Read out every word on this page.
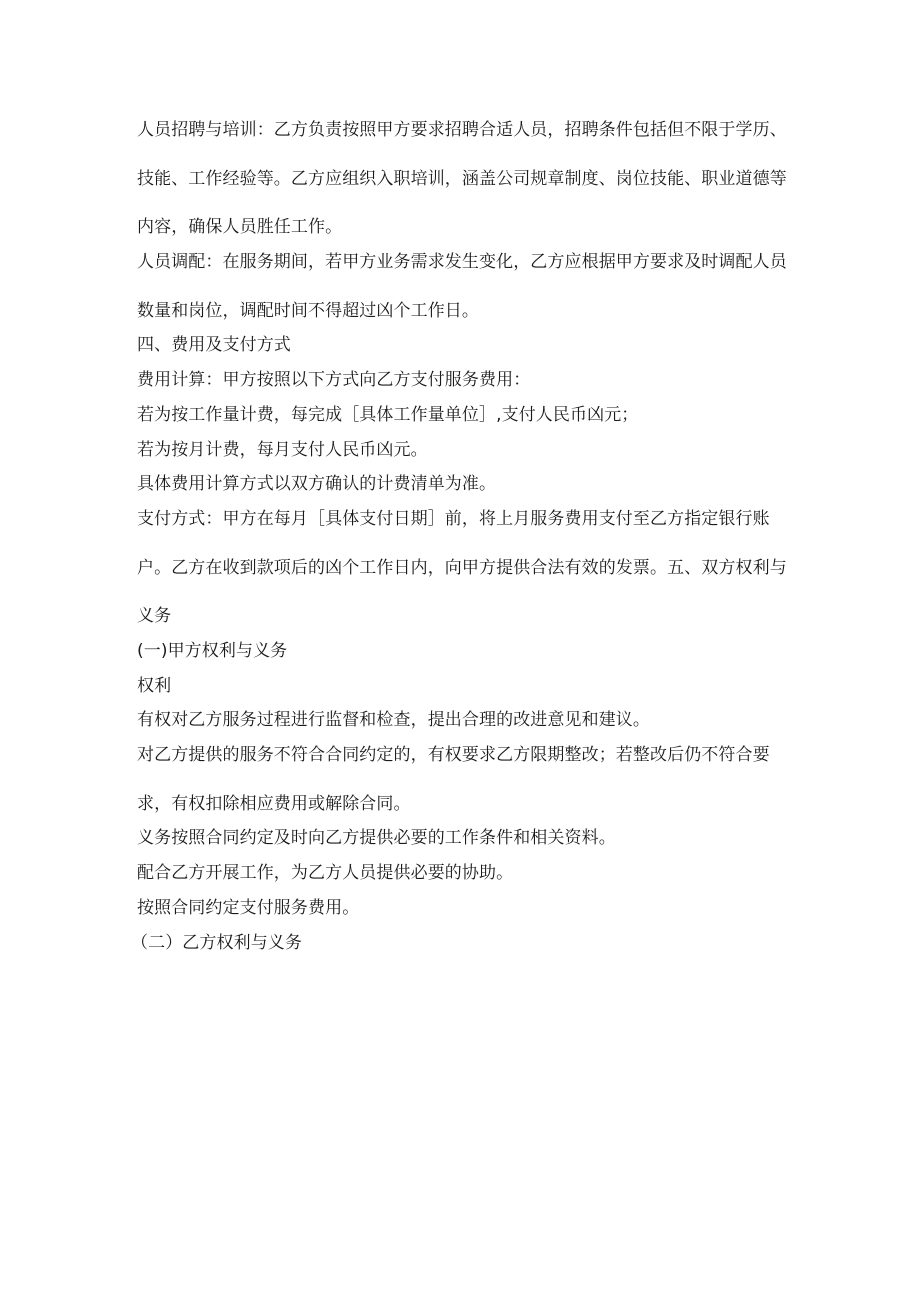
人员招聘与培训：乙方负责按照甲方要求招聘合适人员，招聘条件包括但不限于学历、技能、工作经验等。乙方应组织入职培训，涵盖公司规章制度、岗位技能、职业道德等内容，确保人员胜任工作。
人员调配：在服务期间，若甲方业务需求发生变化，乙方应根据甲方要求及时调配人员数量和岗位，调配时间不得超过凶个工作日。
四、费用及支付方式
费用计算：甲方按照以下方式向乙方支付服务费用：
若为按工作量计费，每完成［具体工作量单位］,支付人民币凶元；
若为按月计费，每月支付人民币凶元。
具体费用计算方式以双方确认的计费清单为准。
支付方式：甲方在每月［具体支付日期］前，将上月服务费用支付至乙方指定银行账户。乙方在收到款项后的凶个工作日内，向甲方提供合法有效的发票。五、双方权利与义务
(一)甲方权利与义务
权利
有权对乙方服务过程进行监督和检查，提出合理的改进意见和建议。
对乙方提供的服务不符合合同约定的，有权要求乙方限期整改；若整改后仍不符合要求，有权扣除相应费用或解除合同。
义务按照合同约定及时向乙方提供必要的工作条件和相关资料。
配合乙方开展工作，为乙方人员提供必要的协助。
按照合同约定支付服务费用。
（二）乙方权利与义务
